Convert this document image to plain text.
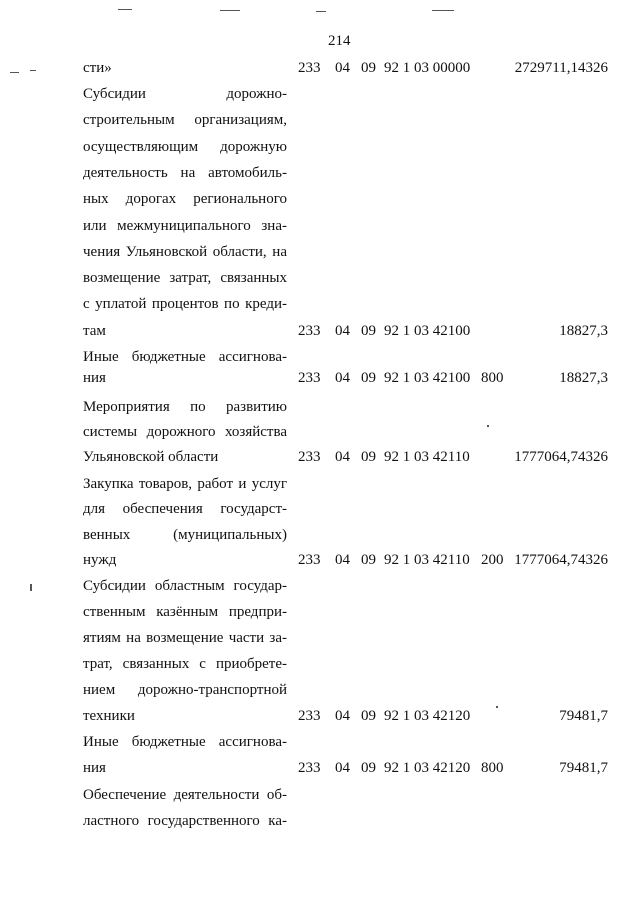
214
сти»	233 04 09 92 1 03 00000	2729711,14326
Субсидии дорожно-
строительным организациям,
осуществляющим дорожную
деятельность на автомобиль-
ных дорогах регионального
или межмуниципального зна-
чения Ульяновской области, на
возмещение затрат, связанных
с уплатой процентов по креди-
там	233 04 09 92 1 03 42100	18827,3
Иные бюджетные ассигнова-
ния	233 04 09 92 1 03 42100 800	18827,3
Мероприятия по развитию
системы дорожного хозяйства
Ульяновской области	233 04 09 92 1 03 42110	1777064,74326
Закупка товаров, работ и услуг
для обеспечения государст-
венных (муниципальных)
нужд	233 04 09 92 1 03 42110 200 1777064,74326
Субсидии областным государ-
ственным казённым предпри-
ятиям на возмещение части за-
трат, связанных с приобрете-
нием дорожно-транспортной
техники	233 04 09 92 1 03 42120	79481,7
Иные бюджетные ассигнова-
ния	233 04 09 92 1 03 42120 800	79481,7
Обеспечение деятельности об-
ластного государственного ка-
